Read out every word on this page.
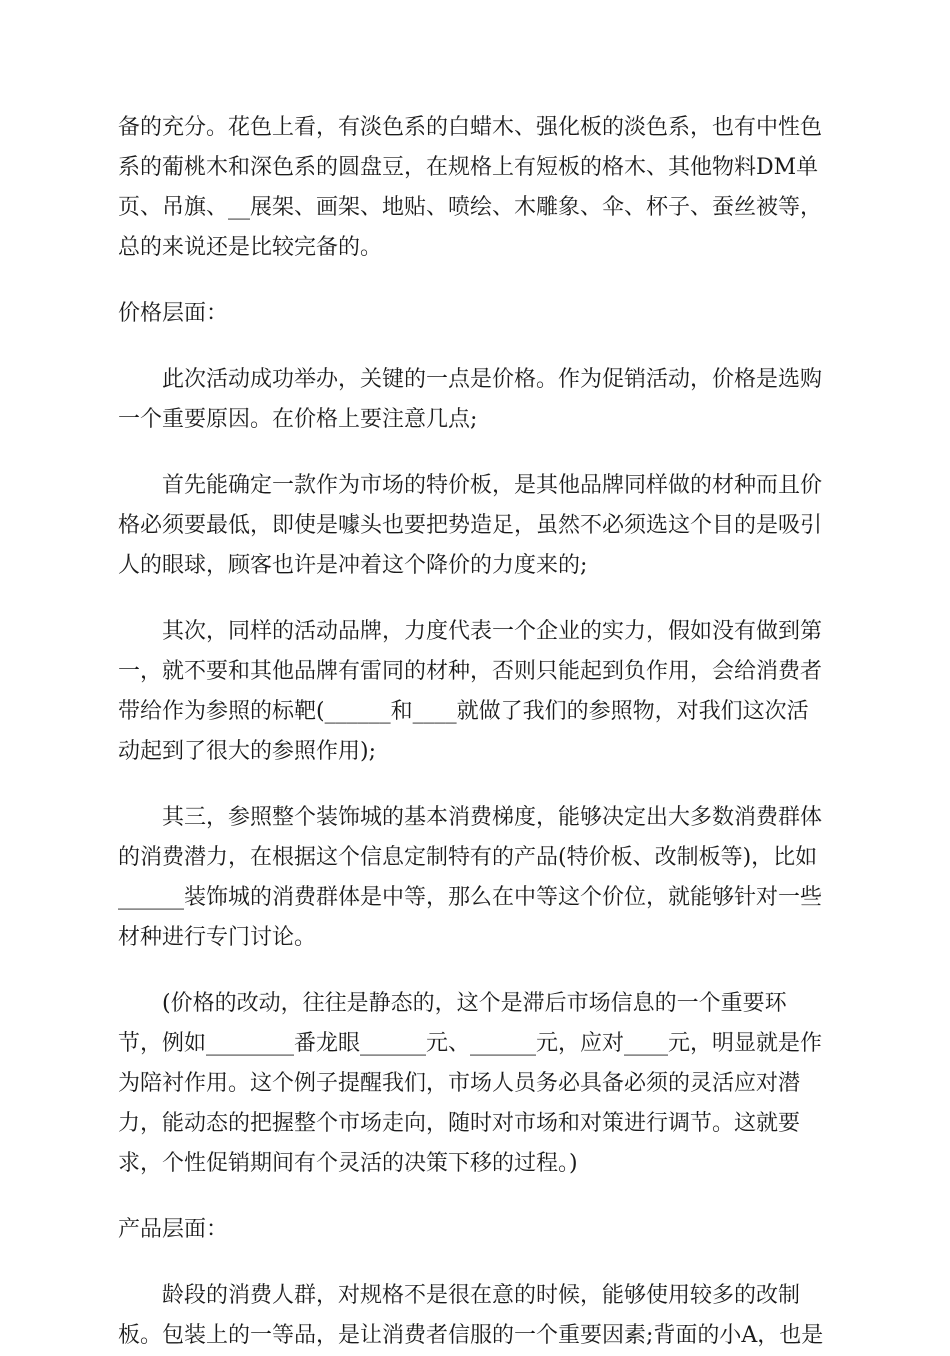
备的充分。花色上看，有淡色系的白蜡木、强化板的淡色系，也有中性色
系的葡桃木和深色系的圆盘豆，在规格上有短板的格木、其他物料DM单
页、吊旗、__展架、画架、地贴、喷绘、木雕象、伞、杯子、蚕丝被等，
总的来说还是比较完备的。
价格层面：
此次活动成功举办，关键的一点是价格。作为促销活动，价格是选购
一个重要原因。在价格上要注意几点;
首先能确定一款作为市场的特价板，是其他品牌同样做的材种而且价
格必须要最低，即使是噱头也要把势造足，虽然不必须选这个目的是吸引
人的眼球，顾客也许是冲着这个降价的力度来的;
其次，同样的活动品牌，力度代表一个企业的实力，假如没有做到第
一，就不要和其他品牌有雷同的材种，否则只能起到负作用，会给消费者
带给作为参照的标靶(______和____就做了我们的参照物，对我们这次活
动起到了很大的参照作用);
其三，参照整个装饰城的基本消费梯度，能够决定出大多数消费群体
的消费潜力，在根据这个信息定制特有的产品(特价板、改制板等)，比如
______装饰城的消费群体是中等，那么在中等这个价位，就能够针对一些
材种进行专门讨论。
(价格的改动，往往是静态的，这个是滞后市场信息的一个重要环
节，例如________番龙眼______元、______元，应对____元，明显就是作
为陪衬作用。这个例子提醒我们，市场人员务必具备必须的灵活应对潜
力，能动态的把握整个市场走向，随时对市场和对策进行调节。这就要
求，个性促销期间有个灵活的决策下移的过程。)
产品层面：
龄段的消费人群，对规格不是很在意的时候，能够使用较多的改制
板。包装上的一等品，是让消费者信服的一个重要因素;背面的小A，也是
